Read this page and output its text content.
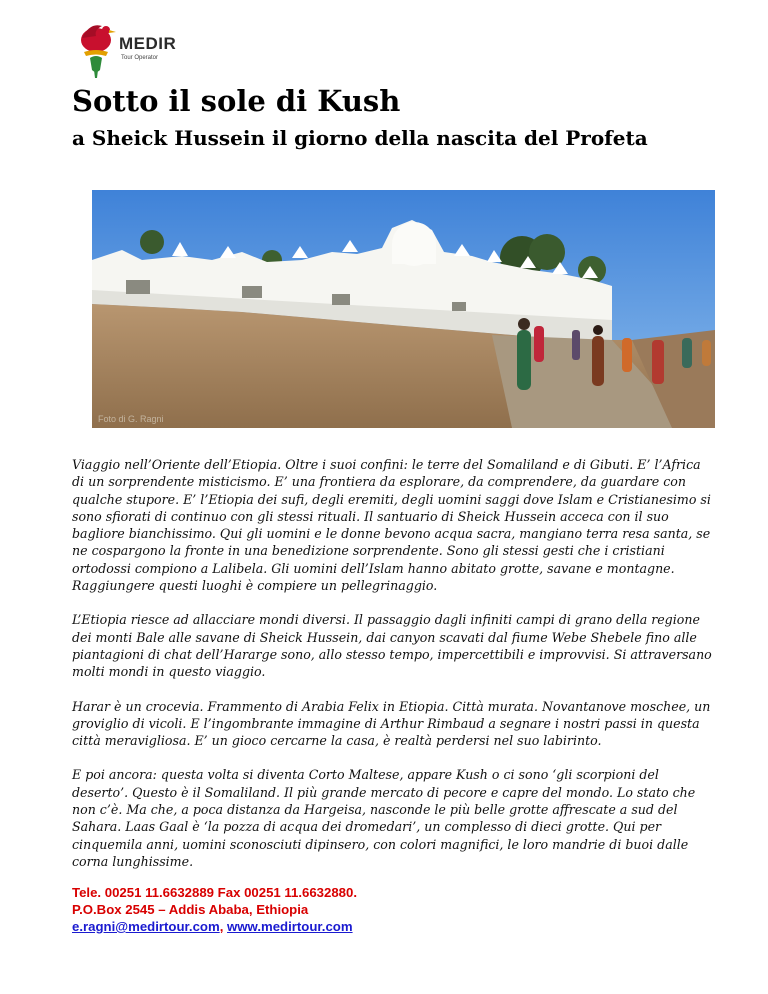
MEDIR
Tour Operator
Sotto il sole di Kush
a Sheick Hussein il giorno della nascita del Profeta
Foto di G. Ragni

Viaggio nell’Oriente dell’Etiopia. Oltre i suoi confini: le terre del Somaliland e di Gibuti. E’ l’Africa di un sorprendente misticismo. E’ una frontiera da esplorare, da comprendere, da guardare con qualche stupore. E’ l’Etiopia dei sufi, degli eremiti, degli uomini saggi dove Islam e Cristianesimo si sono sfiorati di continuo con gli stessi rituali. Il santuario di Sheick Hussein acceca con il suo bagliore bianchissimo. Qui gli uomini e le donne bevono acqua sacra, mangiano terra resa santa, se ne cospargono la fronte in una benedizione sorprendente. Sono gli stessi gesti che i cristiani ortodossi compiono a Lalibela. Gli uomini dell’Islam hanno abitato grotte, savane e montagne. Raggiungere questi luoghi è compiere un pellegrinaggio.

L’Etiopia riesce ad allacciare mondi diversi. Il passaggio dagli infiniti campi di grano della regione dei monti Bale alle savane di Sheick Hussein, dai canyon scavati dal fiume Webe Shebele fino alle piantagioni di chat dell’Hararge sono, allo stesso tempo, impercettibili e improvvisi. Si attraversano molti mondi in questo viaggio.

Harar è un crocevia. Frammento di Arabia Felix in Etiopia. Città murata. Novantanove moschee, un groviglio di vicoli. E l’ingombrante immagine di Arthur Rimbaud a segnare i nostri passi in questa città meravigliosa. E’ un gioco cercarne la casa, è realtà perdersi nel suo labirinto.

E poi ancora: questa volta si diventa Corto Maltese, appare Kush o ci sono ‘gli scorpioni del deserto’. Questo è il Somaliland. Il più grande mercato di pecore e capre del mondo. Lo stato che non c’è. Ma che, a poca distanza da Hargeisa, nasconde le più belle grotte affrescate a sud del Sahara. Laas Gaal è ‘la pozza di acqua dei dromedari’, un complesso di dieci grotte. Qui per cinquemila anni, uomini sconosciuti dipinsero, con colori magnifici, le loro mandrie di buoi dalle corna lunghissime.

Tele. 00251 11.6632889 Fax 00251 11.6632880.
P.O.Box 2545 – Addis Ababa, Ethiopia
e.ragni@medirtour.com, www.medirtour.com
